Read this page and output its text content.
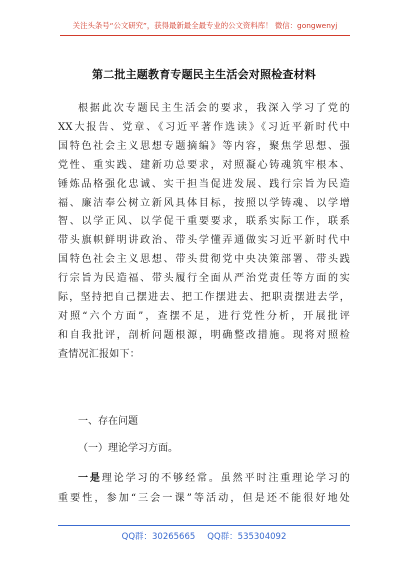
关注头条号“公文研究”，获得最新最全最专业的公文资料库！ 微信：gongwenyj
第二批主题教育专题民主生活会对照检查材料
根据此次专题民主生活会的要求，我深入学习了党的
XX大报告、党章、《习近平著作选读》《习近平新时代中
国特色社会主义思想专题摘编》等内容，聚焦学思想、强
党性、重实践、建新功总要求，对照凝心铸魂筑牢根本、
锤炼品格强化忠诚、实干担当促进发展、践行宗旨为民造
福、廉洁奉公树立新风具体目标，按照以学铸魂、以学增
智、以学正风、以学促干重要要求，联系实际工作，联系
带头旗帜鲜明讲政治、带头学懂弄通做实习近平新时代中
国特色社会主义思想、带头贯彻党中央决策部署、带头践
行宗旨为民造福、带头履行全面从严治党责任等方面的实
际，坚持把自己摆进去、把工作摆进去、把职责摆进去学，
对照“六个方面”，查摆不足，进行党性分析，开展批评
和自我批评，剖析问题根源，明确整改措施。现将对照检
查情况汇报如下：
一、存在问题
（一）理论学习方面。
一是理论学习的不够经常。虽然平时注重理论学习的
重要性，参加“三会一课”等活动，但是还不能很好地处
QQ群：30265665 QQ群：535304092
